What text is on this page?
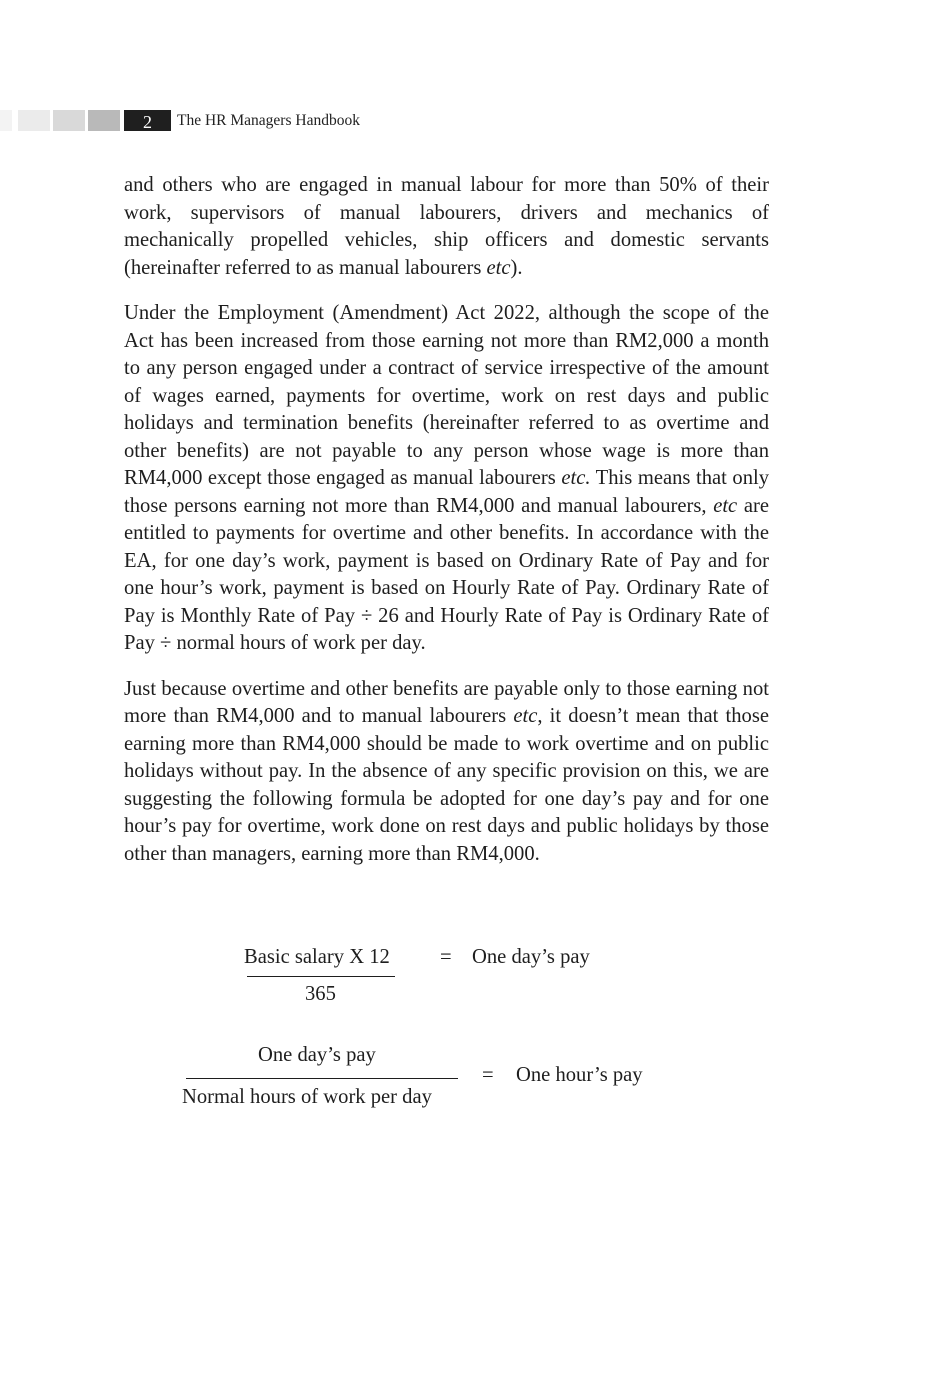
2	The HR Managers Handbook

and others who are engaged in manual labour for more than 50% of their work, supervisors of manual labourers, drivers and mechanics of mechanically propelled vehicles, ship officers and domestic servants (hereinafter referred to as manual labourers etc).

Under the Employment (Amendment) Act 2022, although the scope of the Act has been increased from those earning not more than RM2,000 a month to any person engaged under a contract of service irrespective of the amount of wages earned, payments for overtime, work on rest days and public holidays and termination benefits (hereinafter referred to as overtime and other benefits) are not payable to any person whose wage is more than RM4,000 except those engaged as manual labourers etc. This means that only those persons earning not more than RM4,000 and manual labourers, etc are entitled to payments for overtime and other benefits. In accordance with the EA, for one day’s work, payment is based on Ordinary Rate of Pay and for one hour’s work, payment is based on Hourly Rate of Pay. Ordinary Rate of Pay is Monthly Rate of Pay ÷ 26 and Hourly Rate of Pay is Ordinary Rate of Pay ÷ normal hours of work per day.

Just because overtime and other benefits are payable only to those earning not more than RM4,000 and to manual labourers etc, it doesn’t mean that those earning more than RM4,000 should be made to work overtime and on public holidays without pay. In the absence of any specific provision on this, we are suggesting the following formula be adopted for one day’s pay and for one hour’s pay for overtime, work done on rest days and public holidays by those other than managers, earning more than RM4,000.

Basic salary X 12
365
= One day’s pay
One day’s pay
Normal hours of work per day
= One hour’s pay
